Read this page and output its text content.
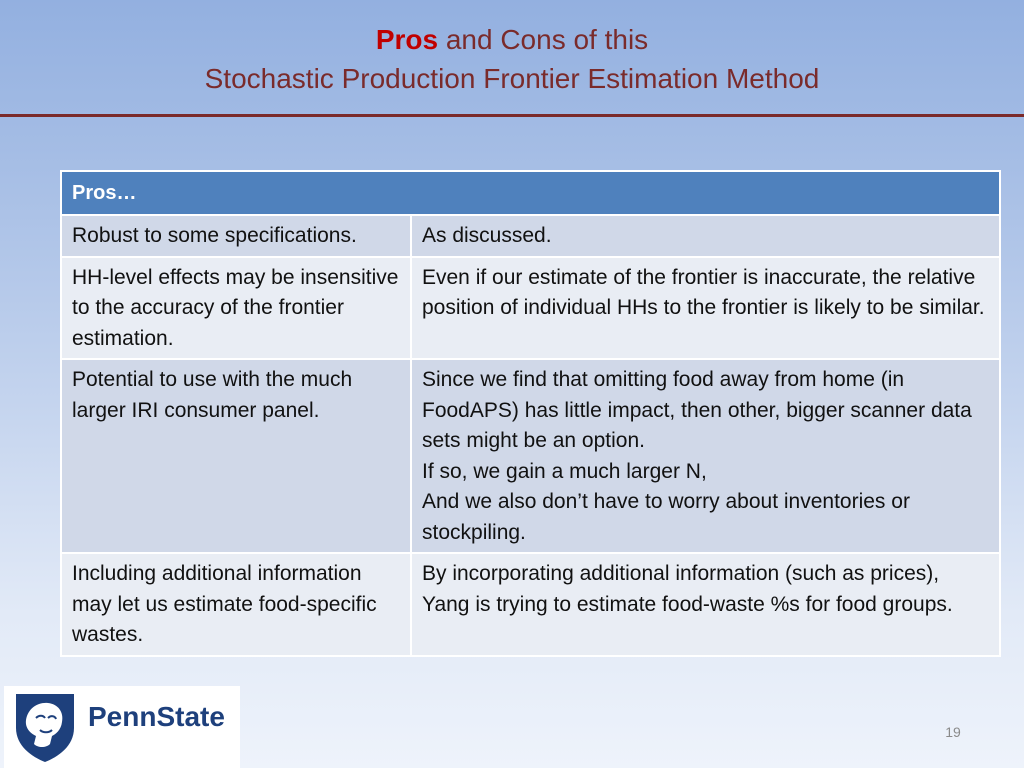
Pros and Cons of this
Stochastic Production Frontier Estimation Method
Pros…	
Robust to some specifications.	As discussed.

HH-level effects may be insensitive to the accuracy of the frontier estimation.	Even if our estimate of the frontier is inaccurate, the relative position of individual HHs to the frontier is likely to be similar.

Potential to use with the much larger IRI consumer panel.	Since we find that omitting food away from home (in FoodAPS) has little impact, then other, bigger scanner data sets might be an option.
If so, we gain a much larger N,
And we also don’t have to worry about inventories or stockpiling.

Including additional information may let us estimate food-specific wastes.	By incorporating additional information (such as prices), Yang is trying to estimate food-waste %s for food groups.
PennState	19
